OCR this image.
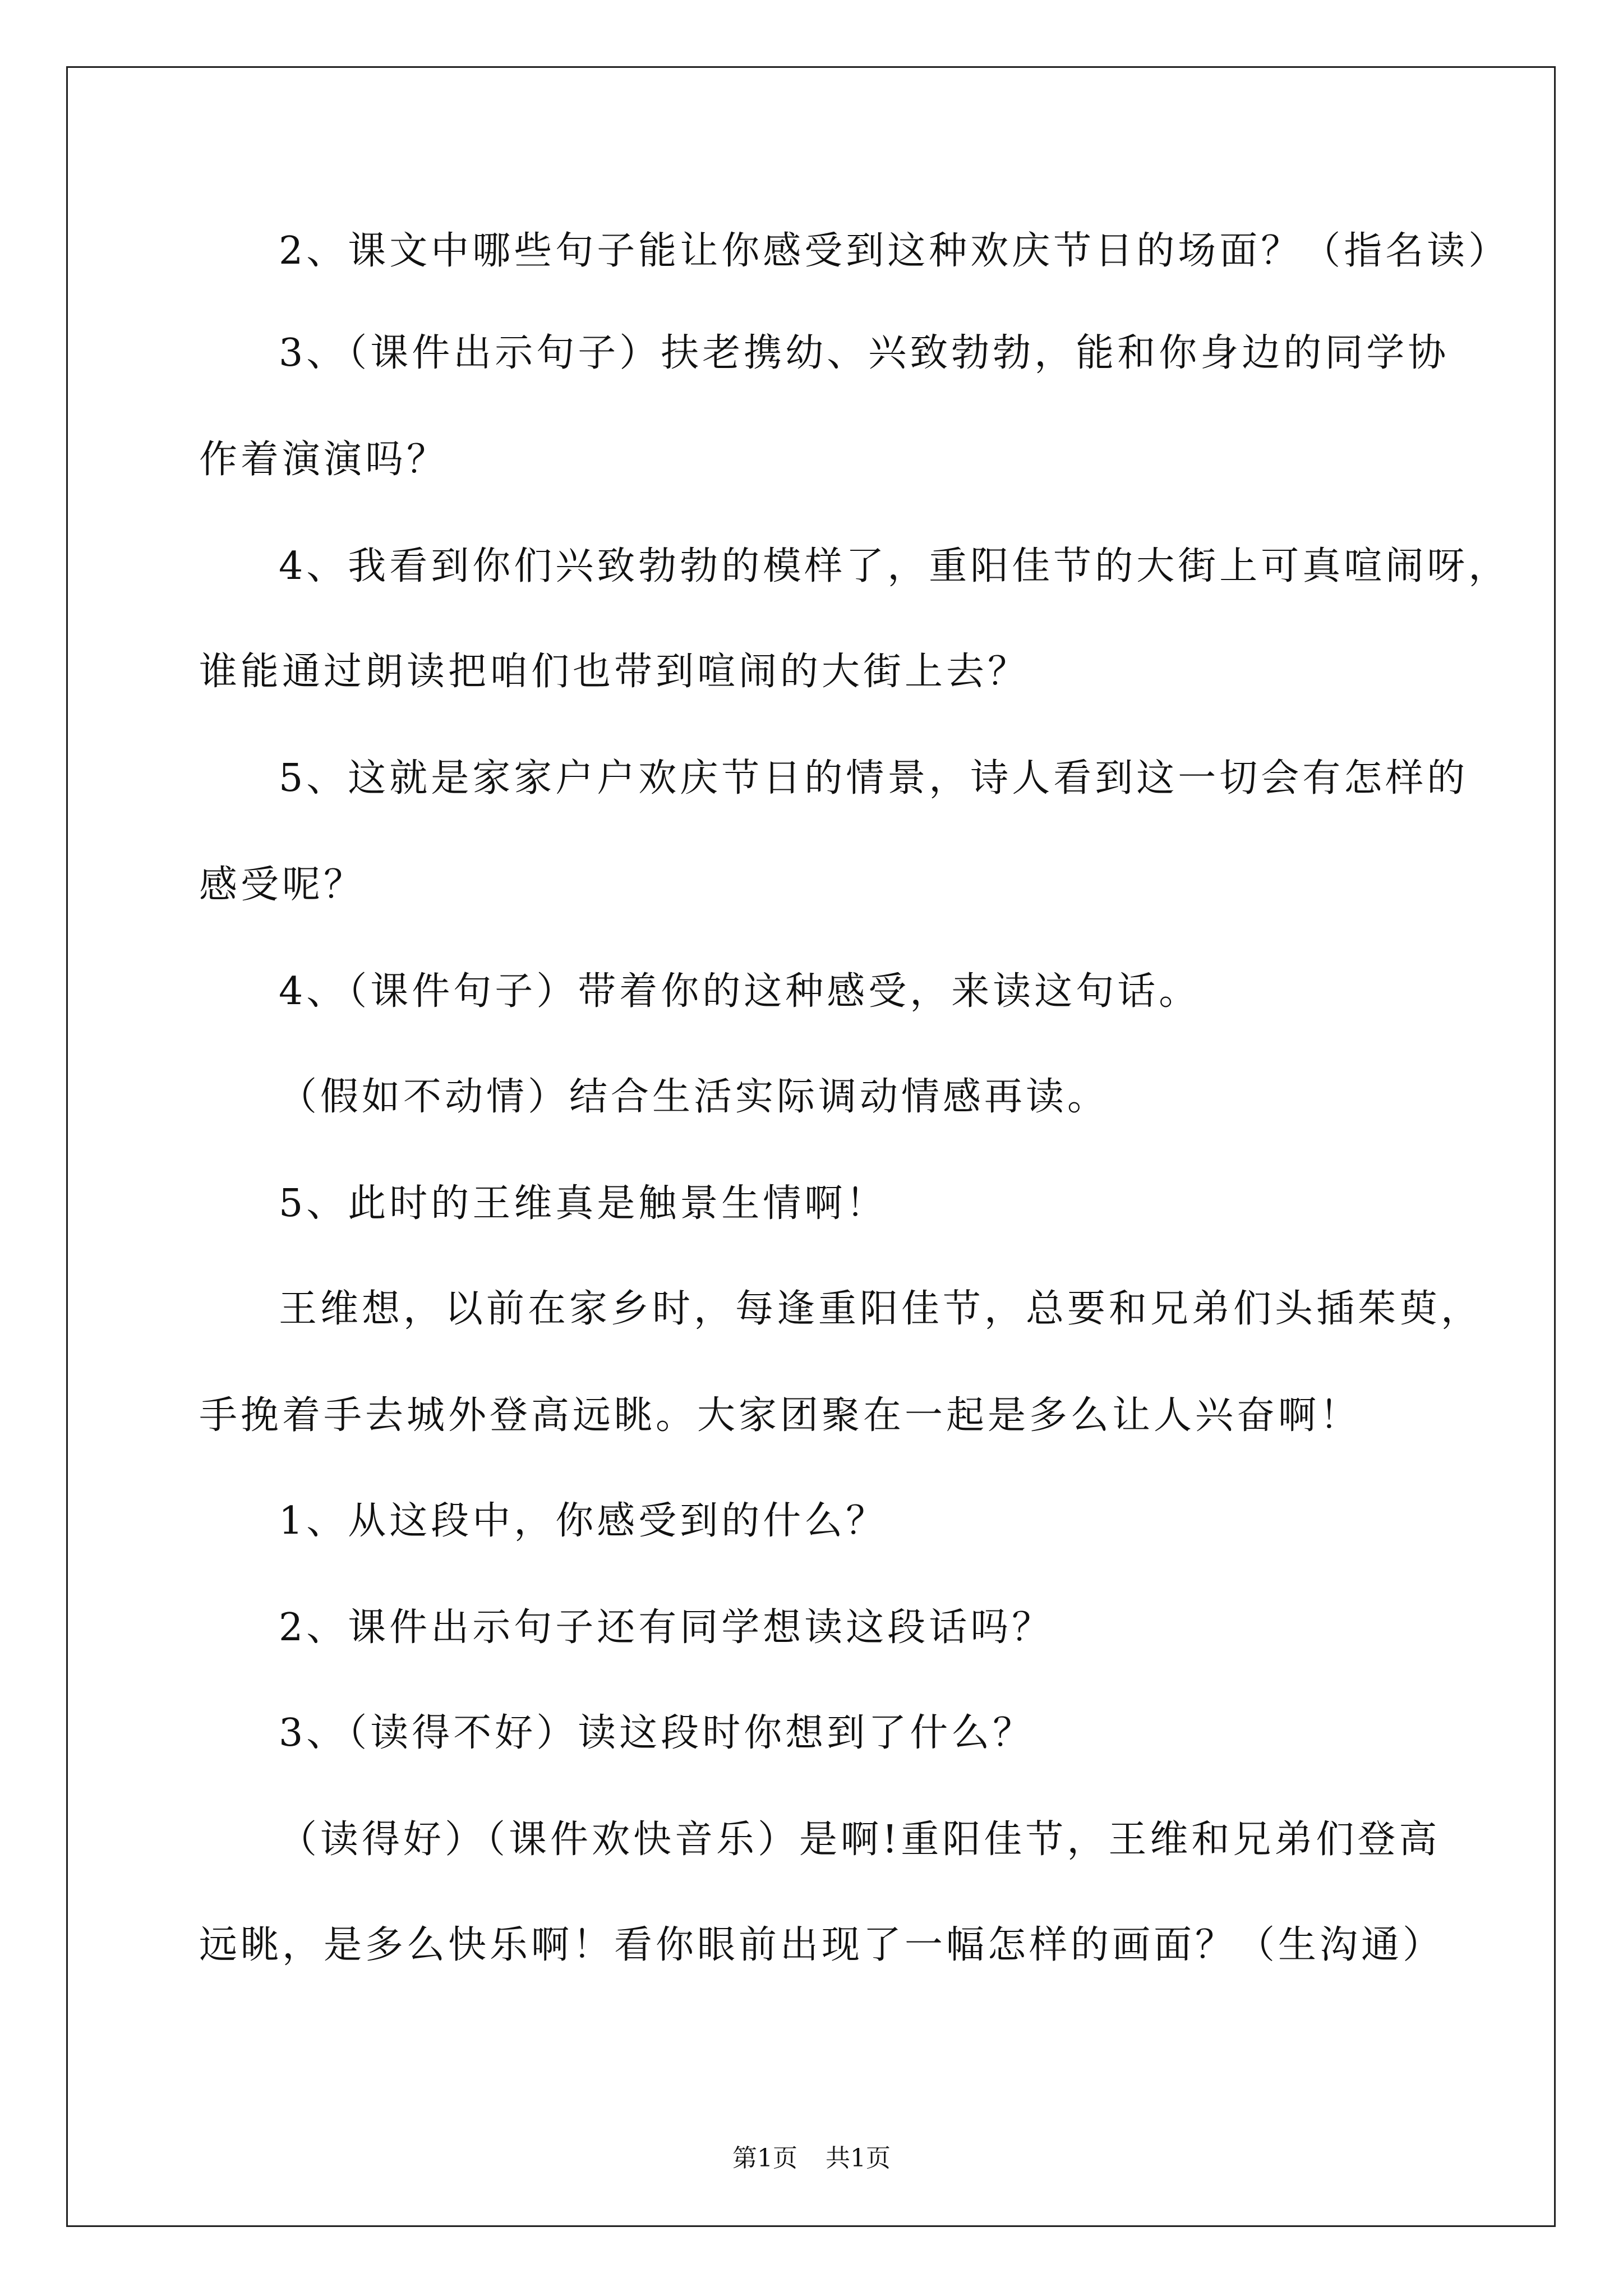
2、课文中哪些句子能让你感受到这种欢庆节日的场面？（指名读）
3、（课件出示句子）扶老携幼、兴致勃勃，能和你身边的同学协
作着演演吗？
4、我看到你们兴致勃勃的模样了，重阳佳节的大街上可真喧闹呀，
谁能通过朗读把咱们也带到喧闹的大街上去？
5、这就是家家户户欢庆节日的情景，诗人看到这一切会有怎样的
感受呢？
4、（课件句子）带着你的这种感受，来读这句话。
（假如不动情）结合生活实际调动情感再读。
5、此时的王维真是触景生情啊！
王维想，以前在家乡时，每逢重阳佳节，总要和兄弟们头插茱萸，
手挽着手去城外登高远眺。大家团聚在一起是多么让人兴奋啊！
1、从这段中，你感受到的什么？
2、课件出示句子还有同学想读这段话吗？
3、（读得不好）读这段时你想到了什么？
（读得好）（课件欢快音乐）是啊!重阳佳节，王维和兄弟们登高
远眺，是多么快乐啊！看你眼前出现了一幅怎样的画面？（生沟通）
第1页 共1页
